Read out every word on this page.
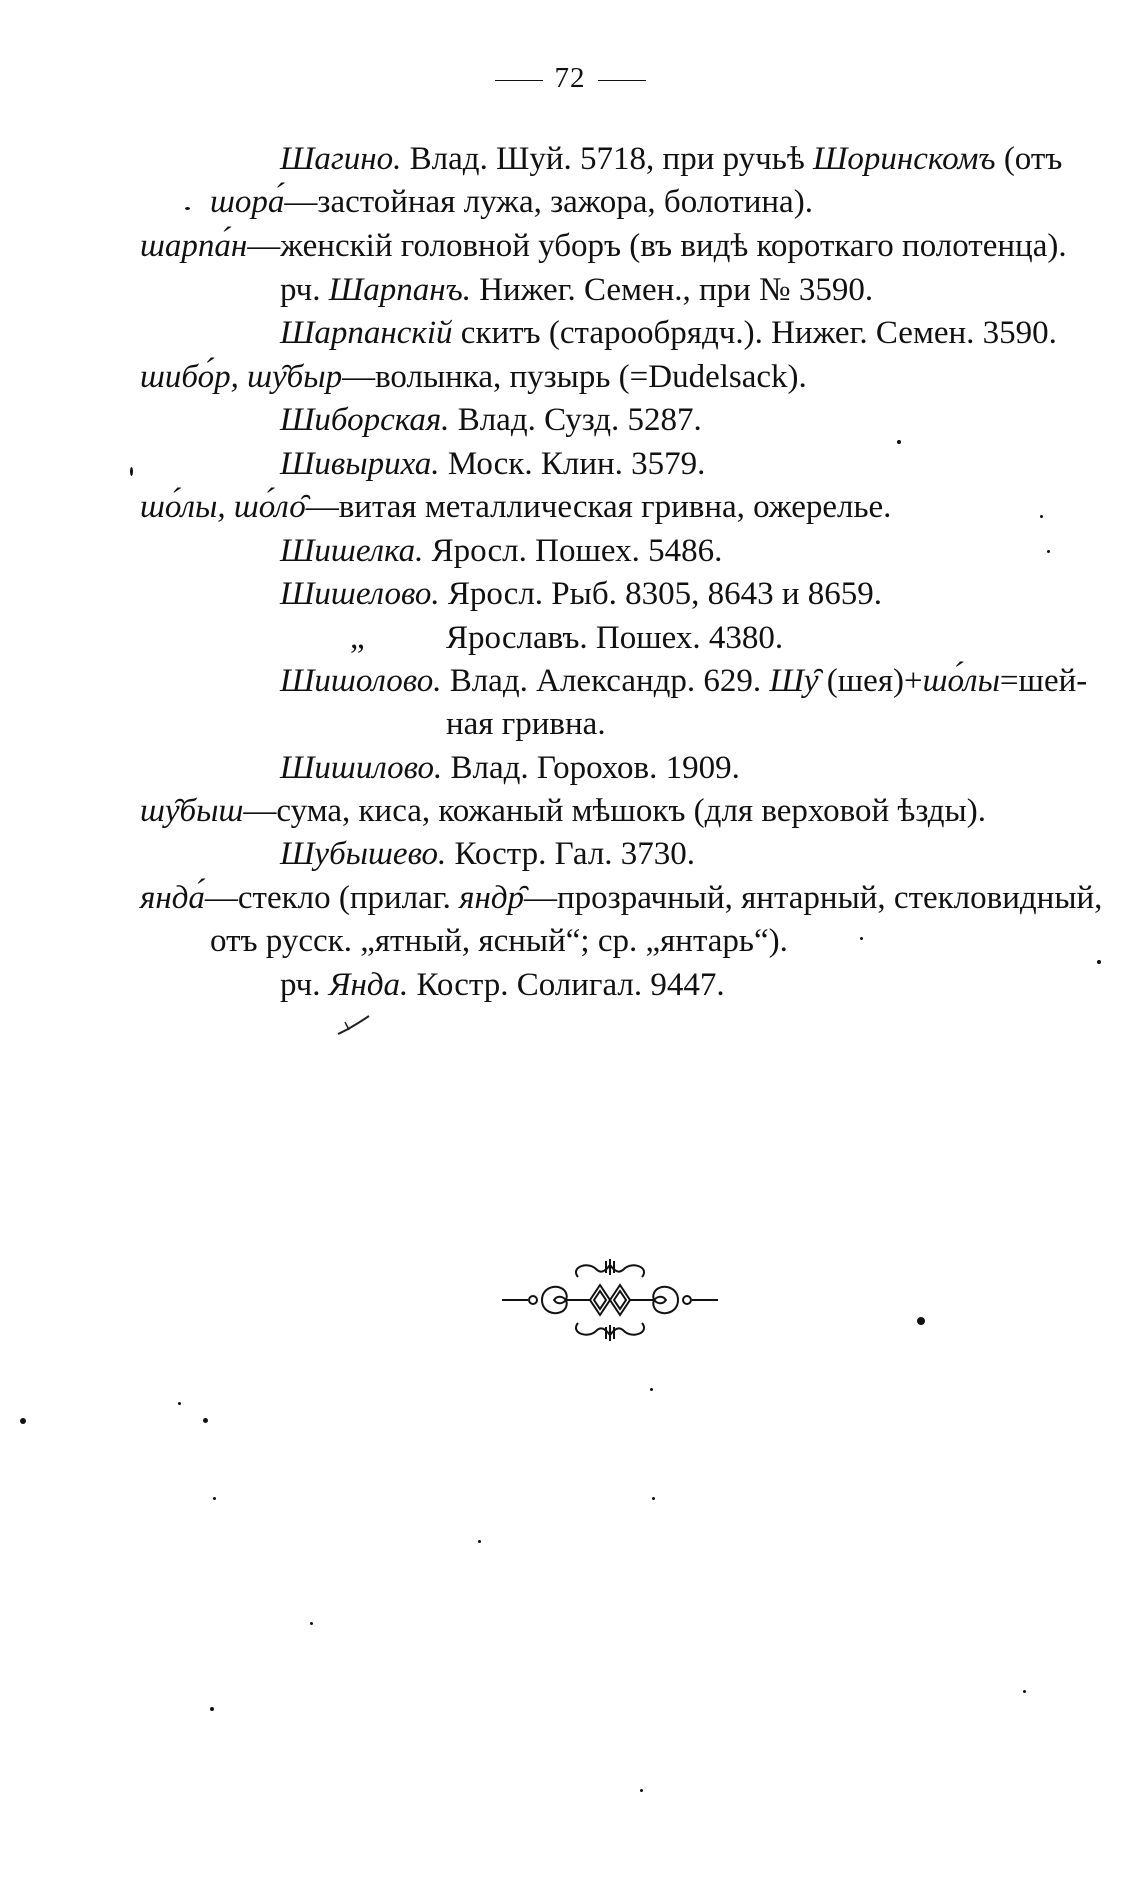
72
Шагино. Влад. Шуй. 5718, при ручьѣ Шоринскомъ (отъ
шора́—застойная лужа, зажора, болотина).
шарпа́н—женскій головной уборъ (въ видѣ короткаго полотенца).
рч. Шарпанъ. Нижег. Семен., при № 3590.
Шарпанскій скитъ (старообрядч.). Нижег. Семен. 3590.
шибо́р, шу̑быр—волынка, пузырь (=Dudelsack).
Шиборская. Влад. Сузд. 5287.
Шивыриха. Моск. Клин. 3579.
шо́лы, шо́ло̑—витая металлическая гривна, ожерелье.
Шишелка. Яросл. Пошех. 5486.
Шишелово. Яросл. Рыб. 8305, 8643 и 8659.
„ Ярославъ. Пошех. 4380.
Шишолово. Влад. Александр. 629. Шу̑ (шея)+шо́лы=шей-
ная гривна.
Шишилово. Влад. Горохов. 1909.
шу̑быш—сума, киса, кожаный мѣшокъ (для верховой ѣзды).
Шубышево. Костр. Гал. 3730.
янда́—стекло (прилаг. яндр̑—прозрачный, янтарный, стекловидный,
отъ русск. „ятный, ясный“; ср. „янтарь“).
рч. Янда. Костр. Солигал. 9447.
